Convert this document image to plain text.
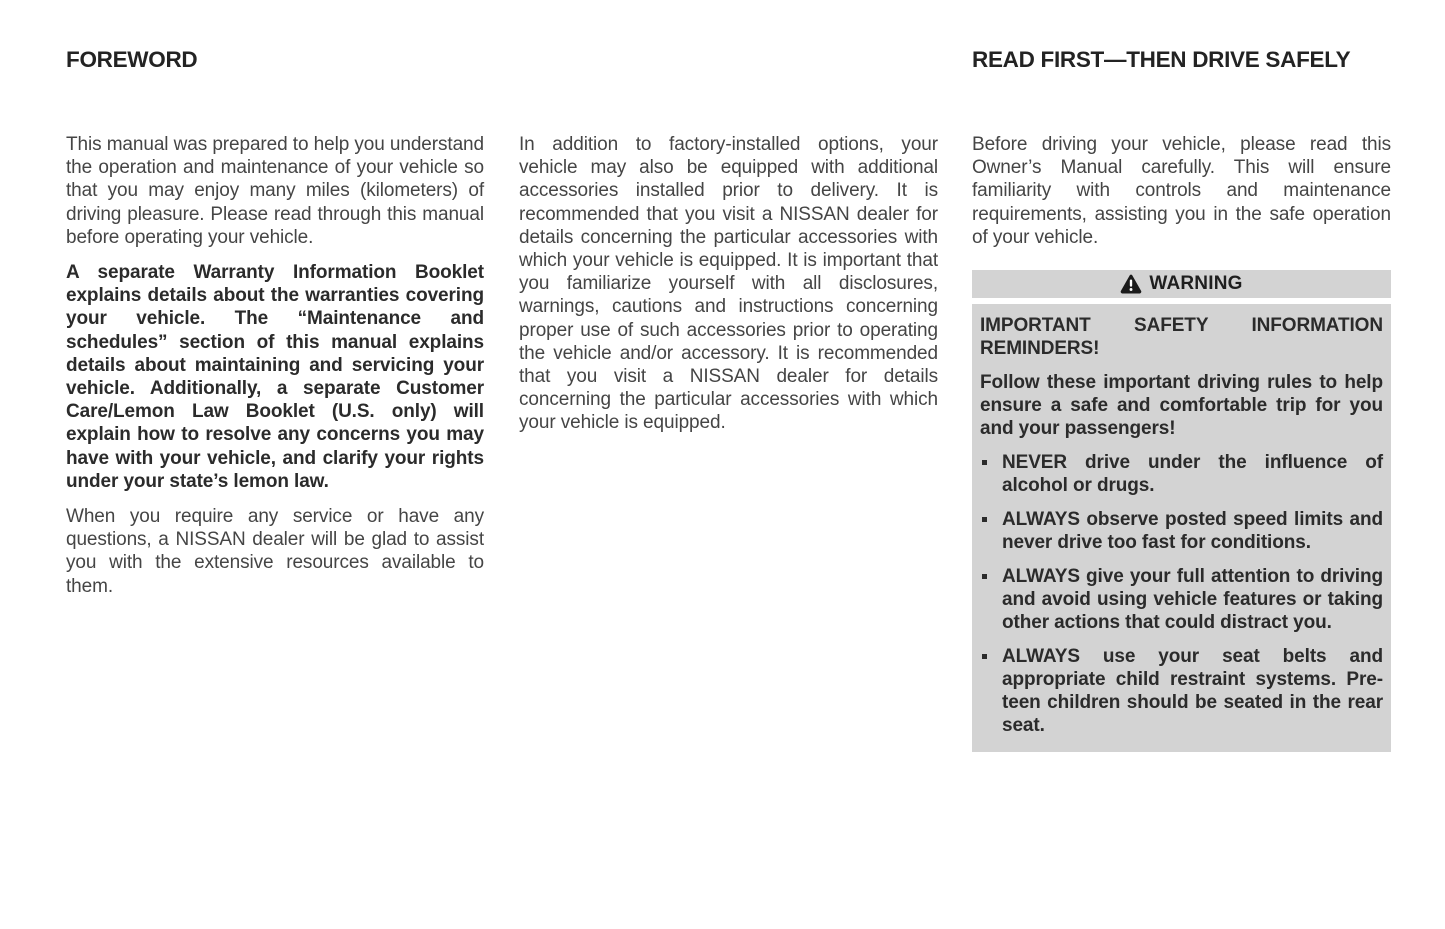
FOREWORD

This manual was prepared to help you understand the operation and maintenance of your vehicle so that you may enjoy many miles (kilometers) of driving pleasure. Please read through this manual before operating your vehicle.

A separate Warranty Information Booklet explains details about the warranties covering your vehicle. The “Maintenance and schedules” section of this manual explains details about maintaining and servicing your vehicle. Additionally, a separate Customer Care/Lemon Law Booklet (U.S. only) will explain how to resolve any concerns you may have with your vehicle, and clarify your rights under your state’s lemon law.

When you require any service or have any questions, a NISSAN dealer will be glad to assist you with the extensive resources available to them.

In addition to factory-installed options, your vehicle may also be equipped with additional accessories installed prior to delivery. It is recommended that you visit a NISSAN dealer for details concerning the particular accessories with which your vehicle is equipped. It is important that you familiarize yourself with all disclosures, warnings, cautions and instructions concerning proper use of such accessories prior to operating the vehicle and/or accessory. It is recommended that you visit a NISSAN dealer for details concerning the particular accessories with which your vehicle is equipped.

READ FIRST—THEN DRIVE SAFELY

Before driving your vehicle, please read this Owner’s Manual carefully. This will ensure familiarity with controls and maintenance requirements, assisting you in the safe operation of your vehicle.

WARNING

IMPORTANT SAFETY INFORMATION REMINDERS!

Follow these important driving rules to help ensure a safe and comfortable trip for you and your passengers!

NEVER drive under the influence of alcohol or drugs.
ALWAYS observe posted speed limits and never drive too fast for conditions.
ALWAYS give your full attention to driving and avoid using vehicle features or taking other actions that could distract you.
ALWAYS use your seat belts and appropriate child restraint systems. Pre-teen children should be seated in the rear seat.
